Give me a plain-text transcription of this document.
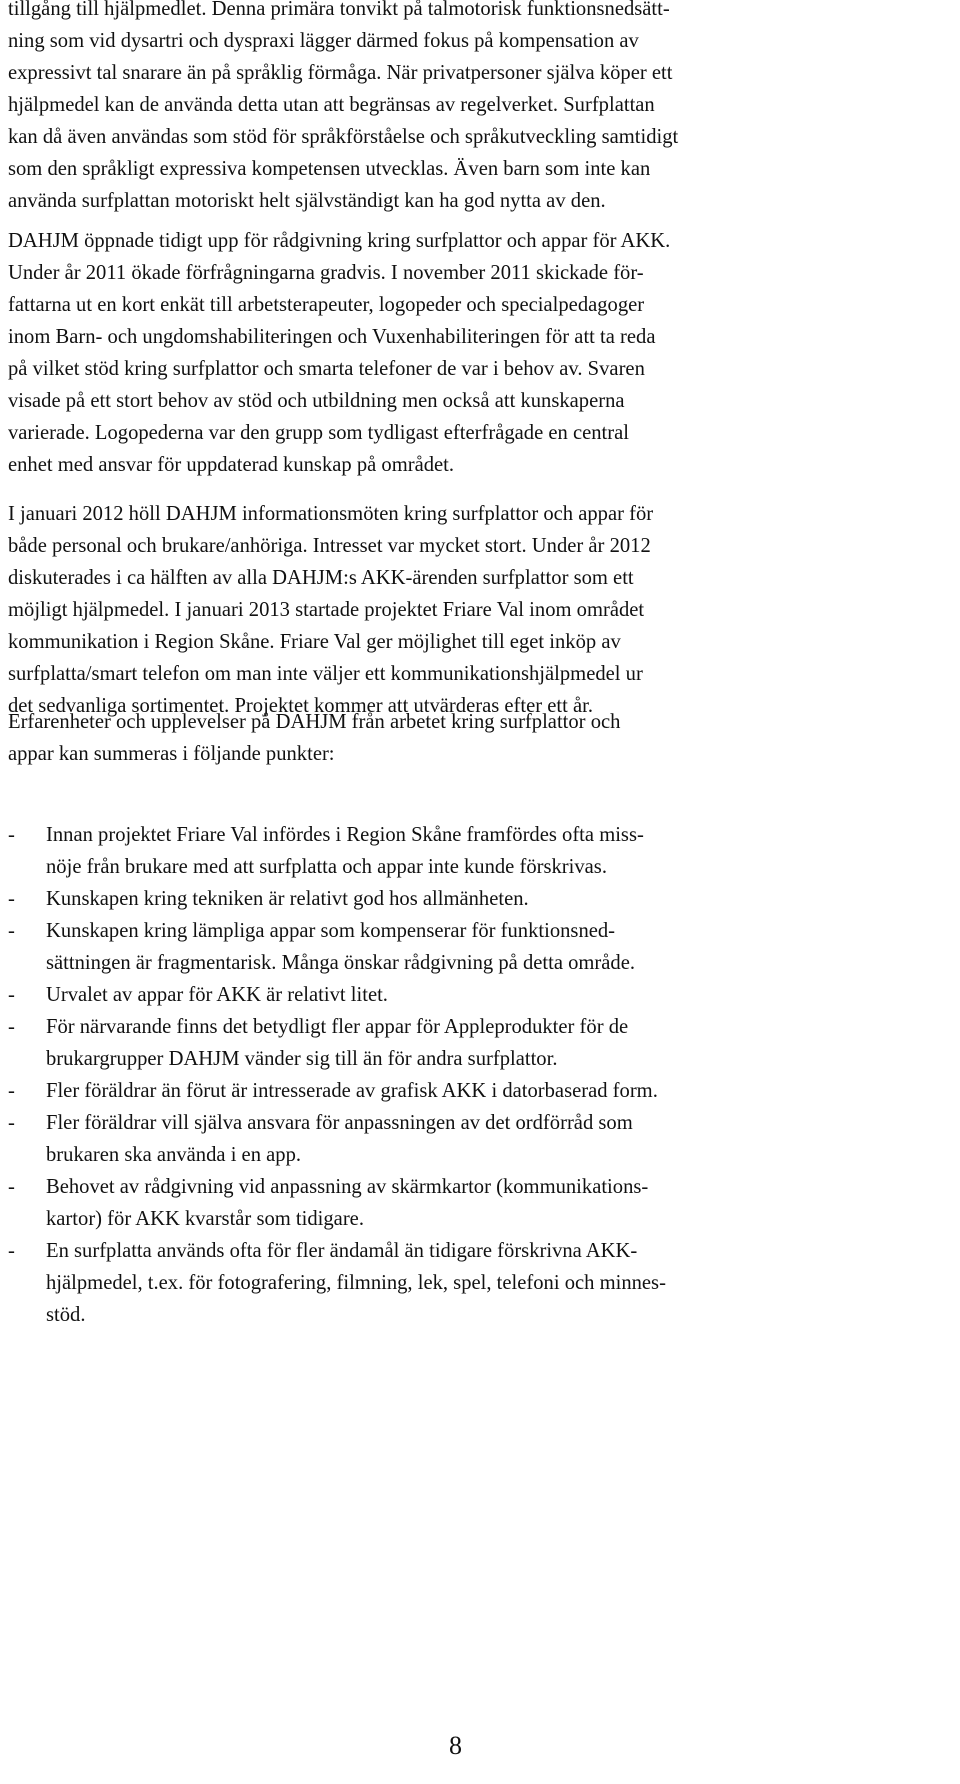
tillgång till hjälpmedlet. Denna primära tonvikt på talmotorisk funktionsnedsätt-
ning som vid dysartri och dyspraxi lägger därmed fokus på kompensation av
expressivt tal snarare än på språklig förmåga. När privatpersoner själva köper ett
hjälpmedel kan de använda detta utan att begränsas av regelverket. Surfplattan
kan då även användas som stöd för språkförståelse och språkutveckling samtidigt
som den språkligt expressiva kompetensen utvecklas. Även barn som inte kan
använda surfplattan motoriskt helt självständigt kan ha god nytta av den.
DAHJM öppnade tidigt upp för rådgivning kring surfplattor och appar för AKK.
Under år 2011 ökade förfrågningarna gradvis. I november 2011 skickade för-
fattarna ut en kort enkät till arbetsterapeuter, logopeder och specialpedagoger
inom Barn- och ungdomshabiliteringen och Vuxenhabiliteringen för att ta reda
på vilket stöd kring surfplattor och smarta telefoner de var i behov av. Svaren
visade på ett stort behov av stöd och utbildning men också att kunskaperna
varierade. Logopederna var den grupp som tydligast efterfrågade en central
enhet med ansvar för uppdaterad kunskap på området.
I januari 2012 höll DAHJM informationsmöten kring surfplattor och appar för
både personal och brukare/anhöriga. Intresset var mycket stort. Under år 2012
diskuterades i ca hälften av alla DAHJM:s AKK-ärenden surfplattor som ett
möjligt hjälpmedel. I januari 2013 startade projektet Friare Val inom området
kommunikation i Region Skåne. Friare Val ger möjlighet till eget inköp av
surfplatta/smart telefon om man inte väljer ett kommunikationshjälpmedel ur
det sedvanliga sortimentet. Projektet kommer att utvärderas efter ett år.
Erfarenheter och upplevelser på DAHJM från arbetet kring surfplattor och
appar kan summeras i följande punkter:
- Innan projektet Friare Val infördes i Region Skåne framfördes ofta miss-
nöje från brukare med att surfplatta och appar inte kunde förskrivas.
- Kunskapen kring tekniken är relativt god hos allmänheten.
- Kunskapen kring lämpliga appar som kompenserar för funktionsned-
sättningen är fragmentarisk. Många önskar rådgivning på detta område.
- Urvalet av appar för AKK är relativt litet.
- För närvarande finns det betydligt fler appar för Appleprodukter för de
brukargrupper DAHJM vänder sig till än för andra surfplattor.
- Fler föräldrar än förut är intresserade av grafisk AKK i datorbaserad form.
- Fler föräldrar vill själva ansvara för anpassningen av det ordförråd som
brukaren ska använda i en app.
- Behovet av rådgivning vid anpassning av skärmkartor (kommunikations-
kartor) för AKK kvarstår som tidigare.
- En surfplatta används ofta för fler ändamål än tidigare förskrivna AKK-
hjälpmedel, t.ex. för fotografering, filmning, lek, spel, telefoni och minnes-
stöd.
8
